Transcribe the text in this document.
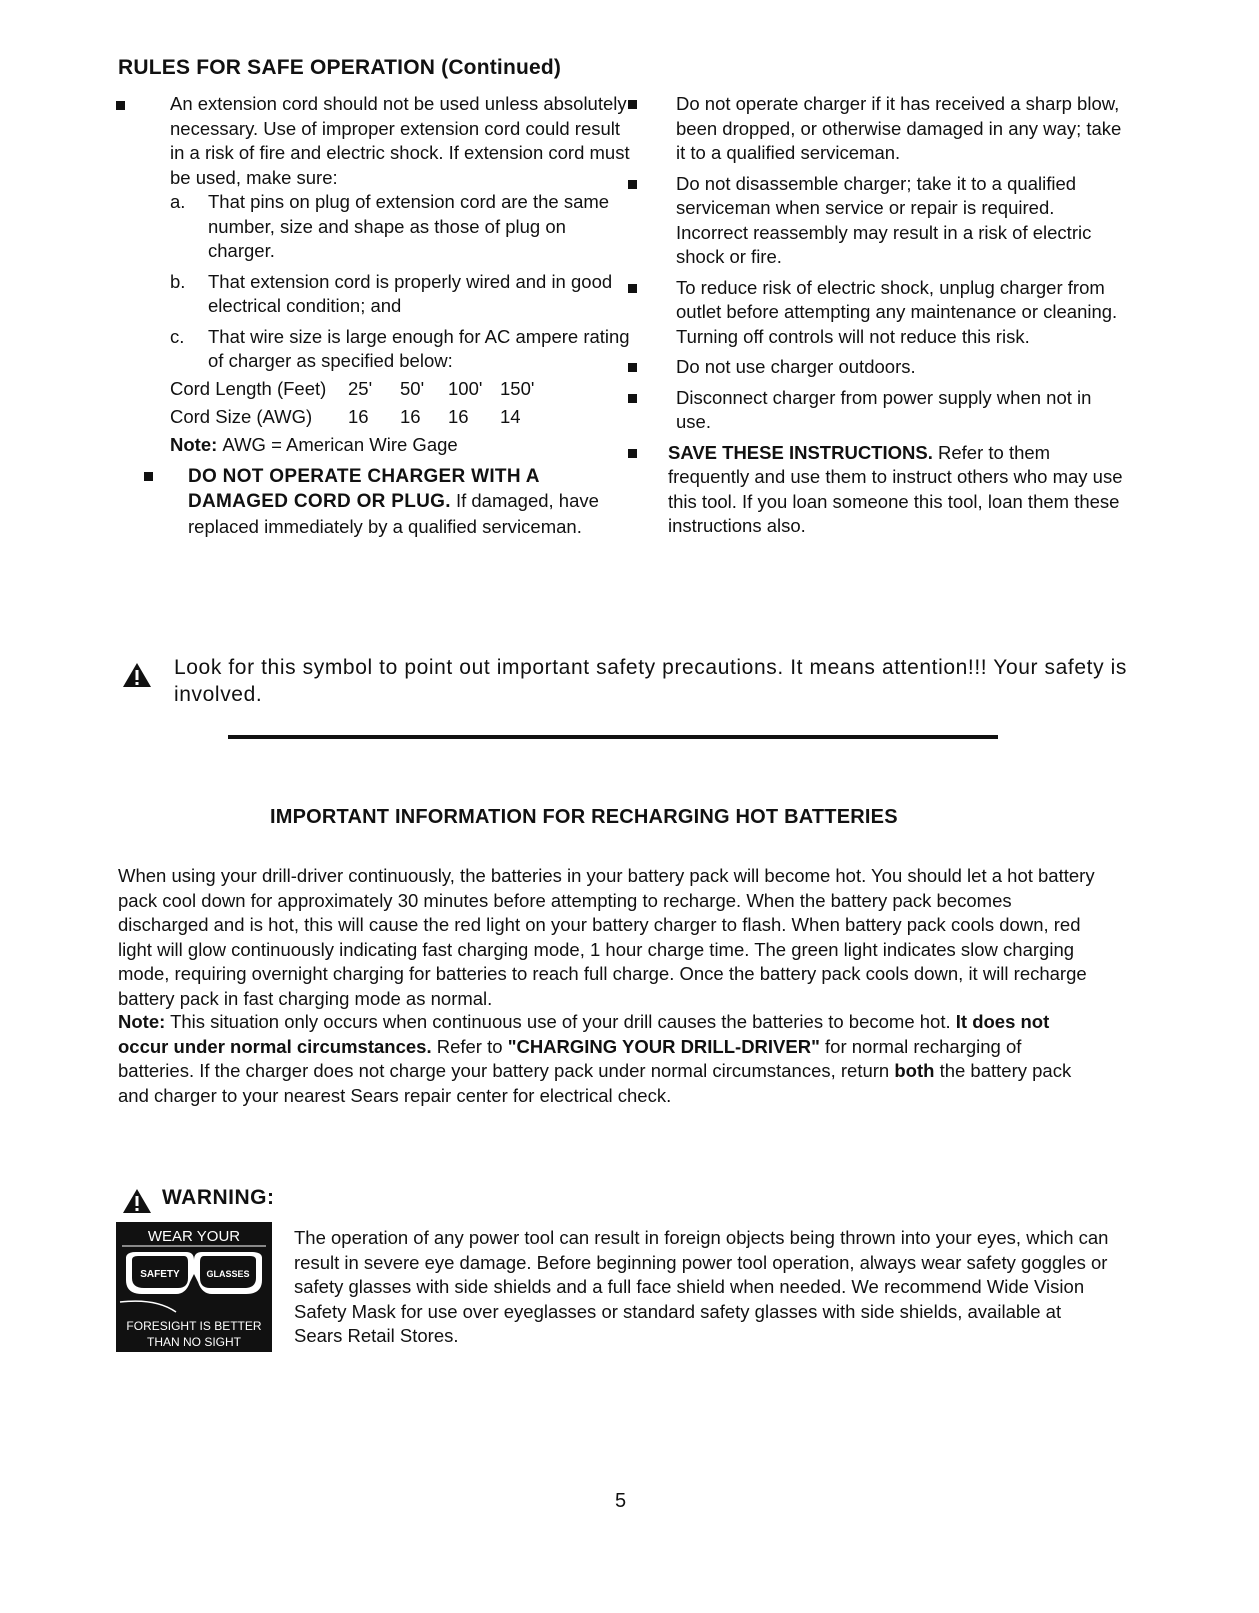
RULES FOR SAFE OPERATION (Continued)
An extension cord should not be used unless absolutely necessary. Use of improper extension cord could result in a risk of fire and electric shock. If extension cord must be used, make sure:
a. That pins on plug of extension cord are the same number, size and shape as those of plug on charger.
b. That extension cord is properly wired and in good electrical condition; and
c. That wire size is large enough for AC ampere rating of charger as specified below:
Cord Length (Feet)	25'	50'	100' 150'
Cord Size (AWG)	16	16	16	14
Note:
AWG = American Wire Gage
DO NOT OPERATE CHARGER WITH A DAMAGED CORD OR PLUG. If damaged, have replaced immediately by a qualified serviceman.
Do not operate charger if it has received a sharp blow, been dropped, or otherwise damaged in any way; take it to a qualified serviceman.
Do not disassemble charger; take it to a qualified serviceman when service or repair is required. Incorrect reassembly may result in a risk of electric shock or fire.
To reduce risk of electric shock, unplug charger from outlet before attempting any maintenance or cleaning. Turning off controls will not reduce this risk.
Do not use charger outdoors.
Disconnect charger from power supply when not in use.
SAVE THESE INSTRUCTIONS. Refer to them frequently and use them to instruct others who may use this tool. If you loan someone this tool, loan them these instructions also.
Look for this symbol to point out important safety precautions. It means attention!!! Your safety is involved.
IMPORTANT INFORMATION FOR RECHARGING HOT BATTERIES
When using your drill-driver continuously, the batteries in your battery pack will become hot. You should let a hot battery pack cool down for approximately 30 minutes before attempting to recharge. When the battery pack becomes discharged and is hot, this will cause the red light on your battery charger to flash. When battery pack cools down, red light will glow continuously indicating fast charging mode, 1 hour charge time. The green light indicates slow charging mode, requiring overnight charging for batteries to reach full charge. Once the battery pack cools down, it will recharge battery pack in fast charging mode as normal.
Note: This situation only occurs when continuous use of your drill causes the batteries to become hot. It does not occur under normal circumstances. Refer to "CHARGING YOUR DRILL-DRIVER" for normal recharging of batteries. If the charger does not charge your battery pack under normal circumstances, return both the battery pack and charger to your nearest Sears repair center for electrical check.
WARNING:
WEAR YOUR
SAFETY	GLASSES
FORESIGHT IS BETTER
THAN NO SIGHT
The operation of any power tool can result in foreign objects being thrown into your eyes, which can result in severe eye damage. Before beginning power tool operation, always wear safety goggles or safety glasses with side shields and a full face shield when needed. We recommend Wide Vision Safety Mask for use over eyeglasses or standard safety glasses with side shields, available at Sears Retail Stores.
5
